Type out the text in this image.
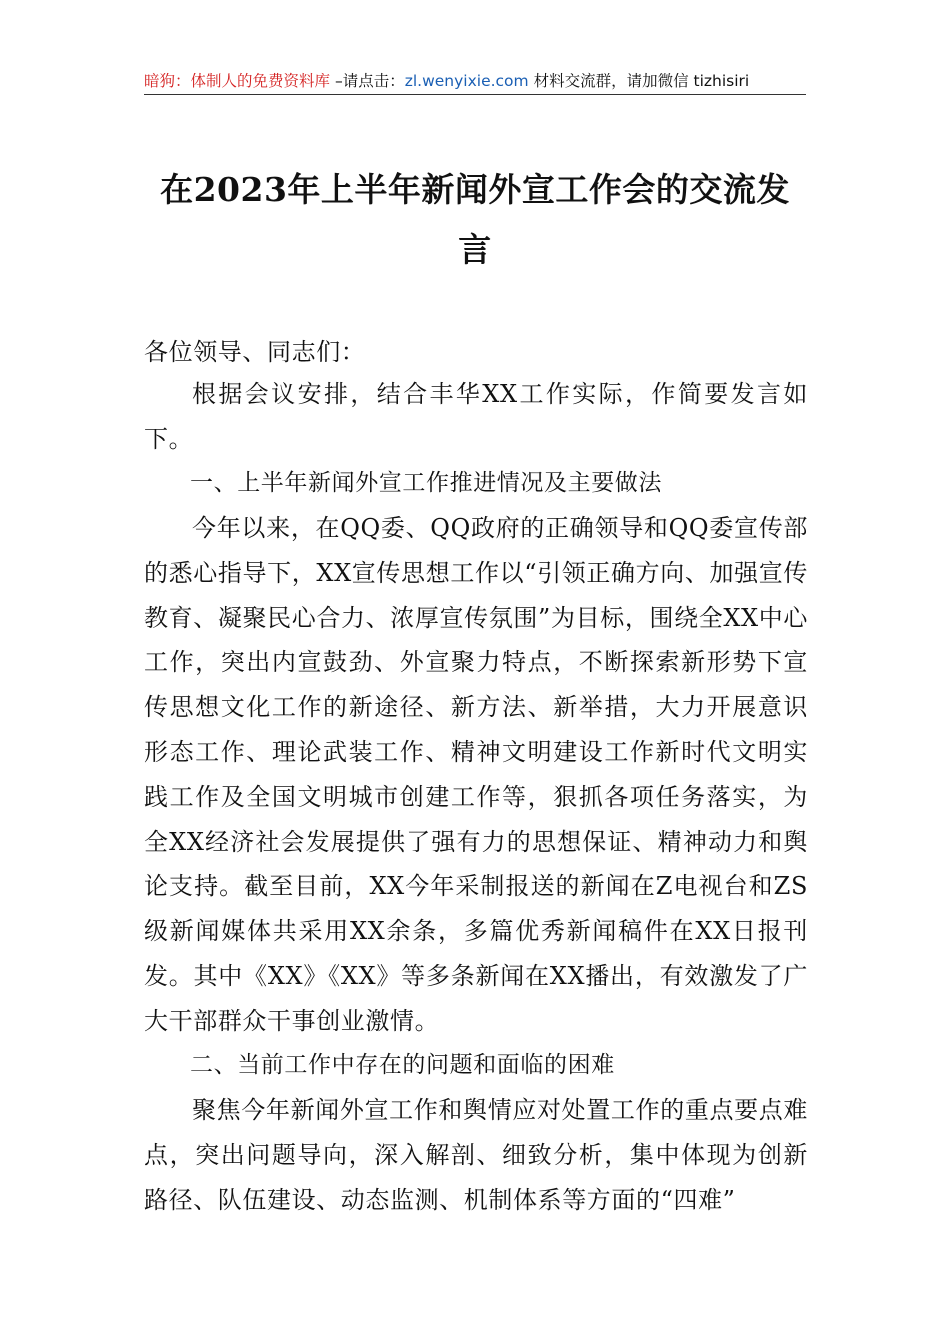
暗狗：体制人的免费资料库 –请点击：zl.wenyixie.com 材料交流群，请加微信 tizhisiri
在2023年上半年新闻外宣工作会的交流发言

各位领导、同志们：

根据会议安排，结合丰华XX工作实际，作简要发言如下。

一、上半年新闻外宣工作推进情况及主要做法

今年以来，在QQ委、QQ政府的正确领导和QQ委宣传部的悉心指导下，XX宣传思想工作以“引领正确方向、加强宣传教育、凝聚民心合力、浓厚宣传氛围”为目标，围绕全XX中心工作，突出内宣鼓劲、外宣聚力特点，不断探索新形势下宣传思想文化工作的新途径、新方法、新举措，大力开展意识形态工作、理论武装工作、精神文明建设工作新时代文明实践工作及全国文明城市创建工作等，狠抓各项任务落实，为全XX经济社会发展提供了强有力的思想保证、精神动力和舆论支持。截至目前，XX今年采制报送的新闻在Z电视台和ZS级新闻媒体共采用XX余条，多篇优秀新闻稿件在XX日报刊发。其中《XX》《XX》等多条新闻在XX播出，有效激发了广大干部群众干事创业激情。

二、当前工作中存在的问题和面临的困难

聚焦今年新闻外宣工作和舆情应对处置工作的重点要点难点，突出问题导向，深入解剖、细致分析，集中体现为创新路径、队伍建设、动态监测、机制体系等方面的“四难”
